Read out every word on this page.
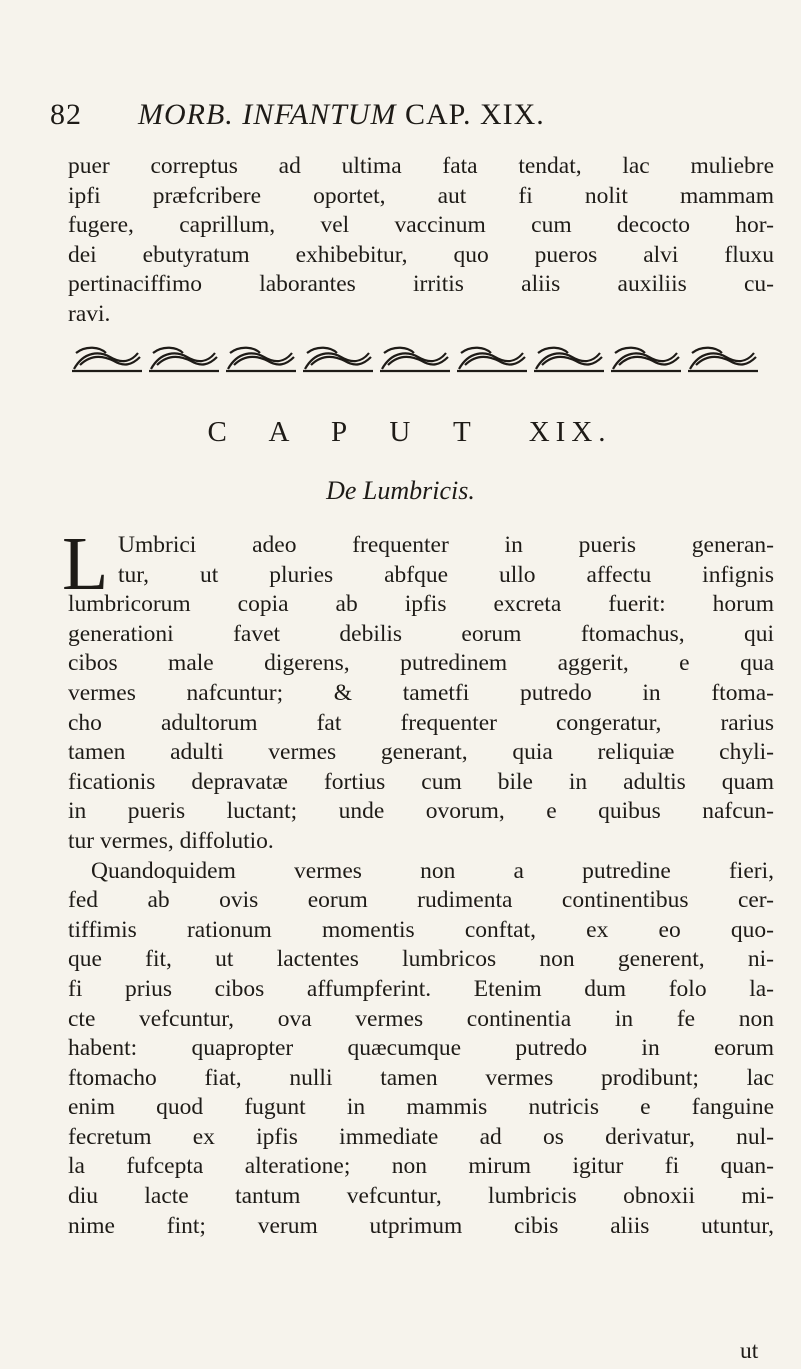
82 MORB. INFANTUM CAP. XIX.
puer correptus ad ultima fata tendat, lac muliebre
ipfi præfcribere oportet, aut fi nolit mammam
fugere, caprillum, vel vaccinum cum decocto hor-
dei ebutyratum exhibebitur, quo pueros alvi fluxu
pertinaciffimo laborantes irritis aliis auxiliis cu-
ravi.
C A P U T XIX.
De Lumbricis.
L Umbrici adeo frequenter in pueris generan-
tur, ut pluries abfque ullo affectu infignis
lumbricorum copia ab ipfis excreta fuerit: horum
generationi favet debilis eorum ftomachus, qui
cibos male digerens, putredinem aggerit, e qua
vermes nafcuntur; & tametfi putredo in ftoma-
cho adultorum fat frequenter congeratur, rarius
tamen adulti vermes generant, quia reliquiæ chyli-
ficationis depravatæ fortius cum bile in adultis quam
in pueris luctant; unde ovorum, e quibus nafcun-
tur vermes, diffolutio.
Quandoquidem vermes non a putredine fieri,
fed ab ovis eorum rudimenta continentibus cer-
tiffimis rationum momentis conftat, ex eo quo-
que fit, ut lactentes lumbricos non generent, ni-
fi prius cibos affumpferint. Etenim dum folo la-
cte vefcuntur, ova vermes continentia in fe non
habent: quapropter quæcumque putredo in eorum
ftomacho fiat, nulli tamen vermes prodibunt; lac
enim quod fugunt in mammis nutricis e fanguine
fecretum ex ipfis immediate ad os derivatur, nul-
la fufcepta alteratione; non mirum igitur fi quan-
diu lacte tantum vefcuntur, lumbricis obnoxii mi-
nime fint; verum utprimum cibis aliis utuntur,
ut
